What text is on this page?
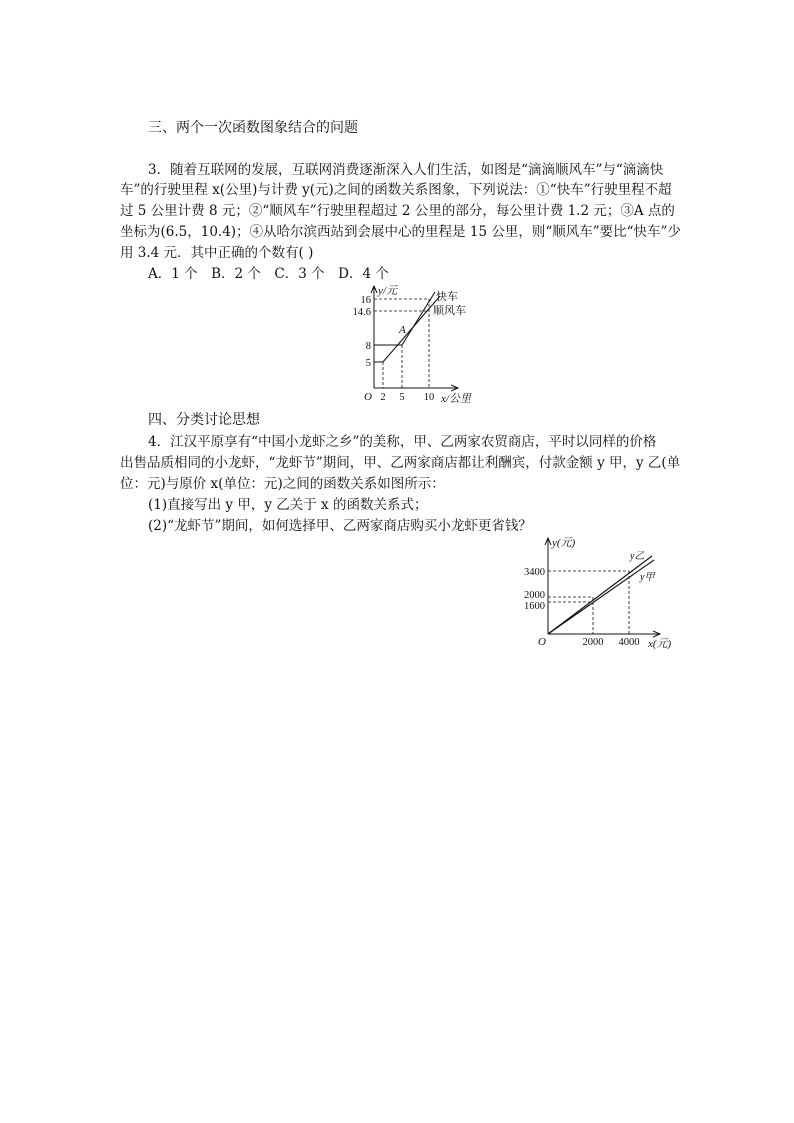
三、两个一次函数图象结合的问题
3．随着互联网的发展，互联网消费逐渐深入人们生活，如图是“滴滴顺风车”与“滴滴快
车”的行驶里程 x(公里)与计费 y(元)之间的函数关系图象，下列说法：①“快车”行驶里程不超
过 5 公里计费 8 元；②“顺风车”行驶里程超过 2 公里的部分，每公里计费 1.2 元；③A 点的
坐标为(6.5，10.4)；④从哈尔滨西站到会展中心的里程是 15 公里，则“顺风车”要比“快车”少
用 3.4 元．其中正确的个数有( )
A．1 个　B．2 个　C．3 个　D．4 个
y/元
16
14.6
8
5
O 2 5 10 x/公里
A
快车
顺风车
四、分类讨论思想
4．江汉平原享有“中国小龙虾之乡”的美称，甲、乙两家农贸商店，平时以同样的价格
出售品质相同的小龙虾，“龙虾节”期间，甲、乙两家商店都让利酬宾，付款金额 y 甲，y 乙(单
位：元)与原价 x(单位：元)之间的函数关系如图所示：
(1)直接写出 y 甲，y 乙关于 x 的函数关系式；
(2)“龙虾节”期间，如何选择甲、乙两家商店购买小龙虾更省钱？
y(元)
3400
2000
1600
O	2000 4000 x(元)
y乙
y甲
